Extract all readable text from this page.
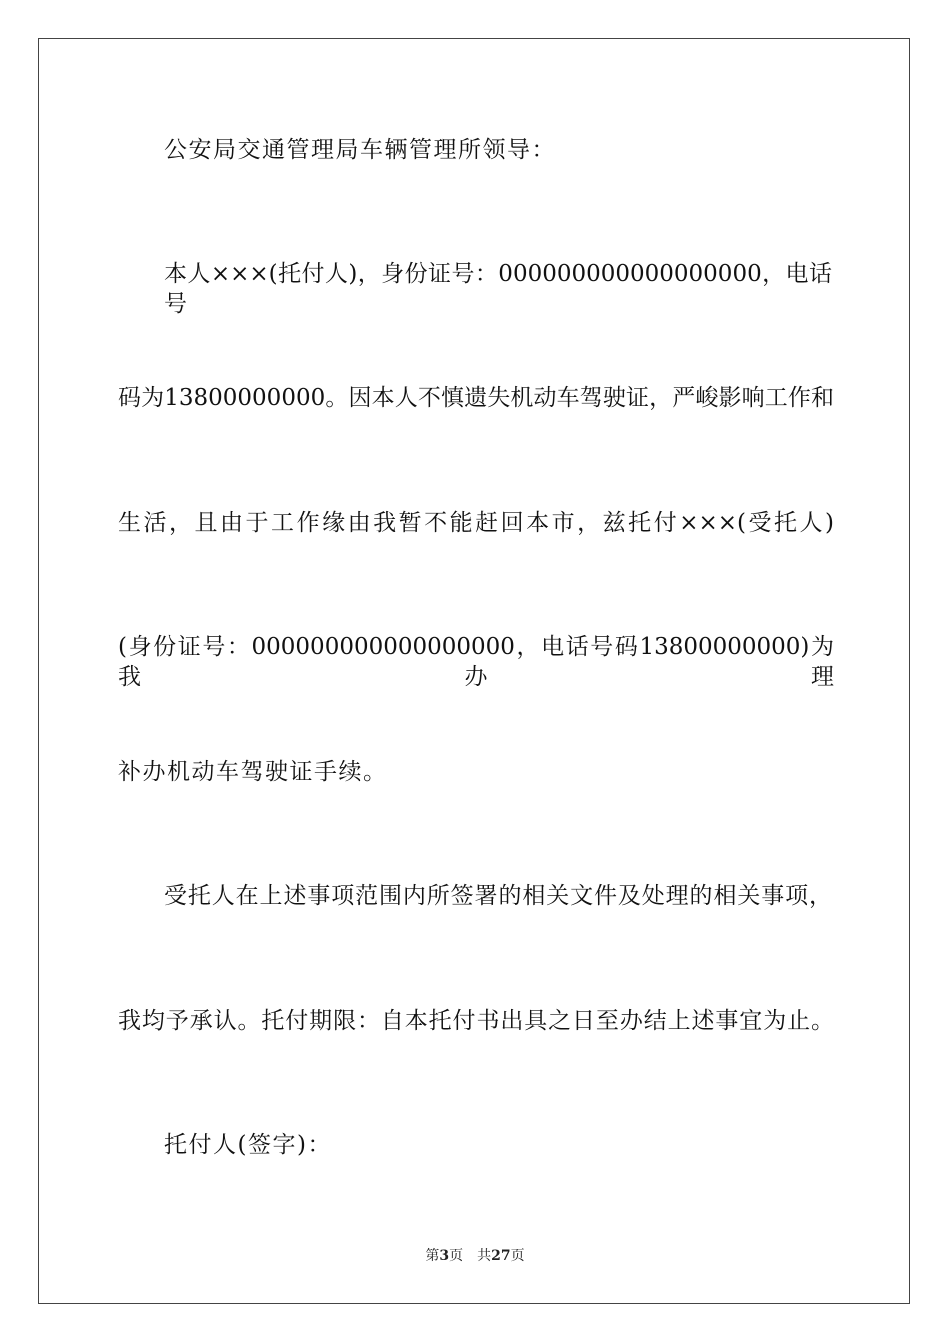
公安局交通管理局车辆管理所领导：
本人×××(托付人)，身份证号：000000000000000000，电话号
码为13800000000。因本人不慎遗失机动车驾驶证，严峻影响工作和
生活，且由于工作缘由我暂不能赶回本市，兹托付×××(受托人)
(身份证号：000000000000000000，电话号码13800000000)为我办理
补办机动车驾驶证手续。
受托人在上述事项范围内所签署的相关文件及处理的相关事项，
我均予承认。托付期限：自本托付书出具之日至办结上述事宜为止。
托付人(签字)：
第3页 共27页
